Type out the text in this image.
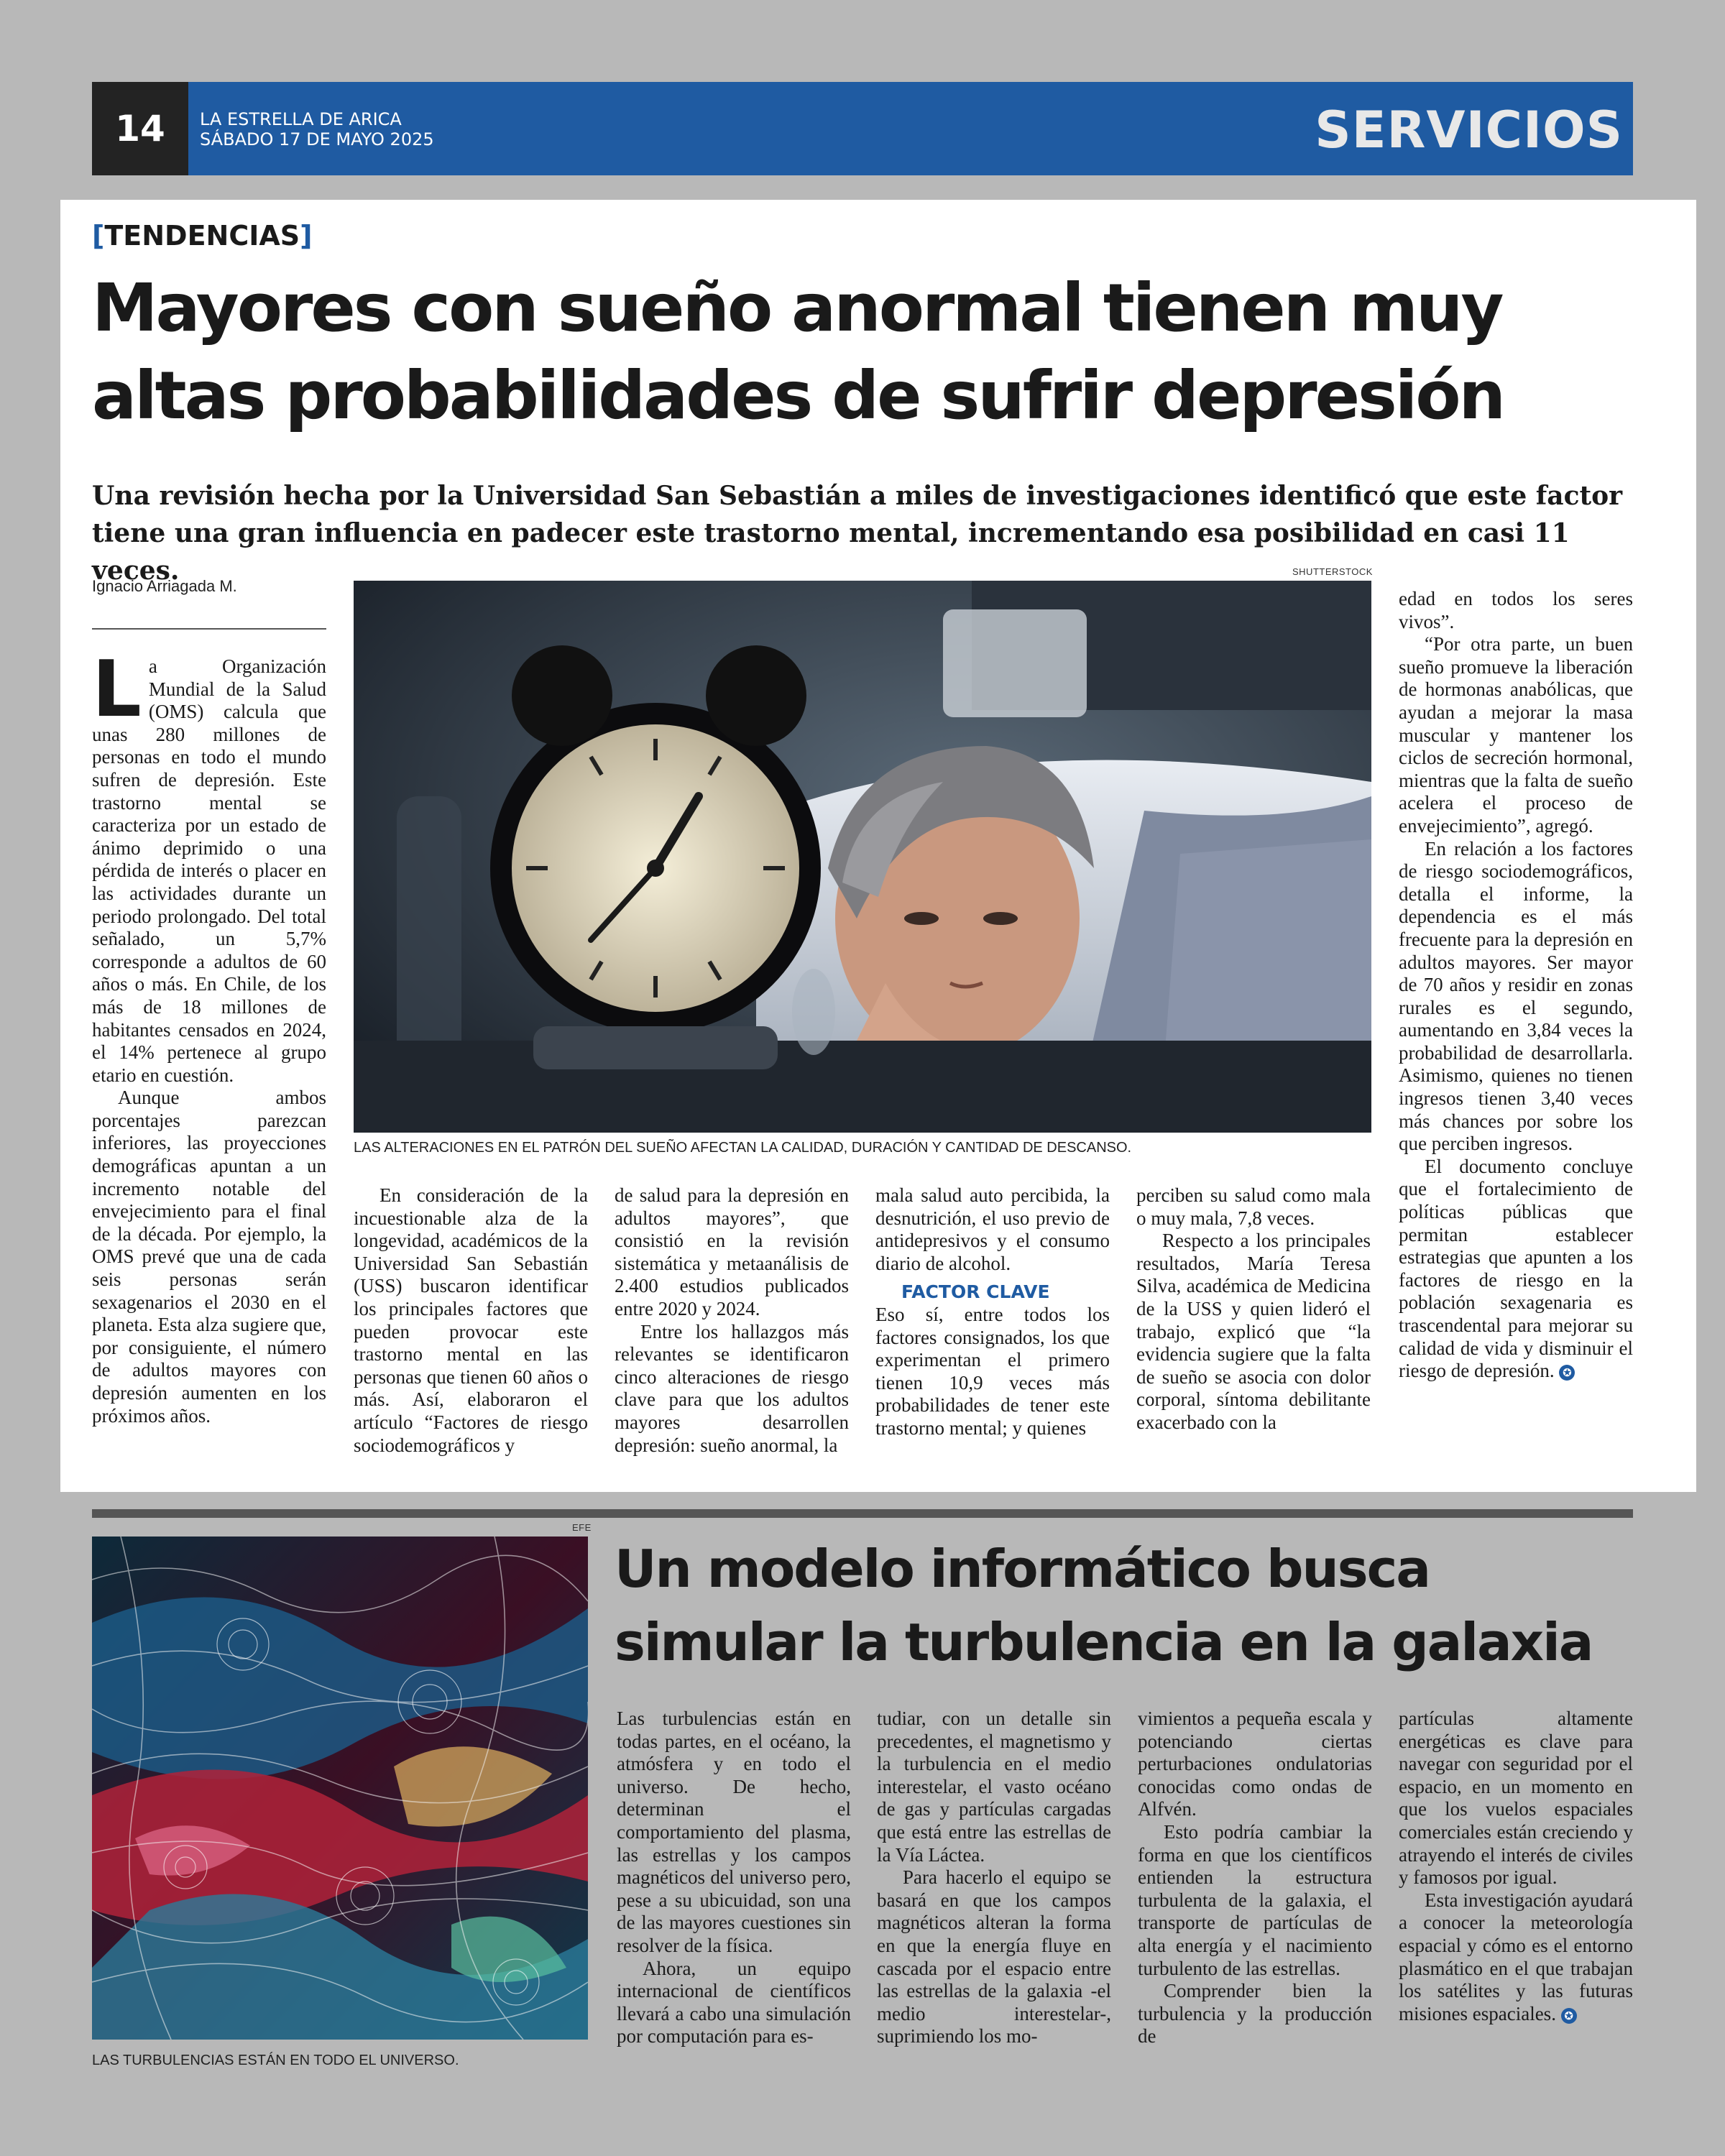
14	LA ESTRELLA DE ARICA
SÁBADO 17 DE MAYO 2025	SERVICIOS
[TENDENCIAS]
Mayores con sueño anormal tienen muy
altas probabilidades de sufrir depresión
Una revisión hecha por la Universidad San Sebastián a miles de investigaciones identificó que este factor tiene una gran influencia en padecer este trastorno mental, incrementando esa posibilidad en casi 11 veces.
Ignacio Arriagada M.
SHUTTERSTOCK
LAS ALTERACIONES EN EL PATRÓN DEL SUEÑO AFECTAN LA CALIDAD, DURACIÓN Y CANTIDAD DE DESCANSO.

La Organización Mundial de la Salud (OMS) calcula que unas 280 millones de personas en todo el mundo sufren de depresión. Este trastorno mental se caracteriza por un estado de ánimo deprimido o una pérdida de interés o placer en las actividades durante un periodo prolongado. Del total señalado, un 5,7% corresponde a adultos de 60 años o más. En Chile, de los más de 18 millones de habitantes censados en 2024, el 14% pertenece al grupo etario en cuestión.

Aunque ambos porcentajes parezcan inferiores, las proyecciones demográficas apuntan a un incremento notable del envejecimiento para el final de la década. Por ejemplo, la OMS prevé que una de cada seis personas serán sexagenarios el 2030 en el planeta. Esta alza sugiere que, por consiguiente, el número de adultos mayores con depresión aumenten en los próximos años.

En consideración de la incuestionable alza de la longevidad, académicos de la Universidad San Sebastián (USS) buscaron identificar los principales factores que pueden provocar este trastorno mental en las personas que tienen 60 años o más. Así, elaboraron el artículo “Factores de riesgo sociodemográficos y

de salud para la depresión en adultos mayores”, que consistió en la revisión sistemática y metaanálisis de 2.400 estudios publicados entre 2020 y 2024.

Entre los hallazgos más relevantes se identificaron cinco alteraciones de riesgo clave para que los adultos mayores desarrollen depresión: sueño anormal, la

mala salud auto percibida, la desnutrición, el uso previo de antidepresivos y el consumo diario de alcohol.

FACTOR CLAVE

Eso sí, entre todos los factores consignados, los que experimentan el primero tienen 10,9 veces más probabilidades de tener este trastorno mental; y quienes

perciben su salud como mala o muy mala, 7,8 veces.

Respecto a los principales resultados, María Teresa Silva, académica de Medicina de la USS y quien lideró el trabajo, explicó que “la evidencia sugiere que la falta de sueño se asocia con dolor corporal, síntoma debilitante exacerbado con la

edad en todos los seres vivos”.

“Por otra parte, un buen sueño promueve la liberación de hormonas anabólicas, que ayudan a mejorar la masa muscular y mantener los ciclos de secreción hormonal, mientras que la falta de sueño acelera el proceso de envejecimiento”, agregó.

En relación a los factores de riesgo sociodemográficos, detalla el informe, la dependencia es el más frecuente para la depresión en adultos mayores. Ser mayor de 70 años y residir en zonas rurales es el segundo, aumentando en 3,84 veces la probabilidad de desarrollarla. Asimismo, quienes no tienen ingresos tienen 3,40 veces más chances por sobre los que perciben ingresos.

El documento concluye que el fortalecimiento de políticas públicas que permitan establecer estrategias que apunten a los factores de riesgo en la población sexagenaria es trascendental para mejorar su calidad de vida y disminuir el riesgo de depresión. ✪

EFE
LAS TURBULENCIAS ESTÁN EN TODO EL UNIVERSO.
Un modelo informático busca
simular la turbulencia en la galaxia

Las turbulencias están en todas partes, en el océano, la atmósfera y en todo el universo. De hecho, determinan el comportamiento del plasma, las estrellas y los campos magnéticos del universo pero, pese a su ubicuidad, son una de las mayores cuestiones sin resolver de la física.

Ahora, un equipo internacional de científicos llevará a cabo una simulación por computación para es-

tudiar, con un detalle sin precedentes, el magnetismo y la turbulencia en el medio interestelar, el vasto océano de gas y partículas cargadas que está entre las estrellas de la Vía Láctea.

Para hacerlo el equipo se basará en que los campos magnéticos alteran la forma en que la energía fluye en cascada por el espacio entre las estrellas de la galaxia -el medio interestelar-, suprimiendo los mo-

vimientos a pequeña escala y potenciando ciertas perturbaciones ondulatorias conocidas como ondas de Alfvén.

Esto podría cambiar la forma en que los científicos entienden la estructura turbulenta de la galaxia, el transporte de partículas de alta energía y el nacimiento turbulento de las estrellas.

Comprender bien la turbulencia y la producción de

partículas altamente energéticas es clave para navegar con seguridad por el espacio, en un momento en que los vuelos espaciales comerciales están creciendo y atrayendo el interés de civiles y famosos por igual.

Esta investigación ayudará a conocer la meteorología espacial y cómo es el entorno plasmático en el que trabajan los satélites y las futuras misiones espaciales. ✪
